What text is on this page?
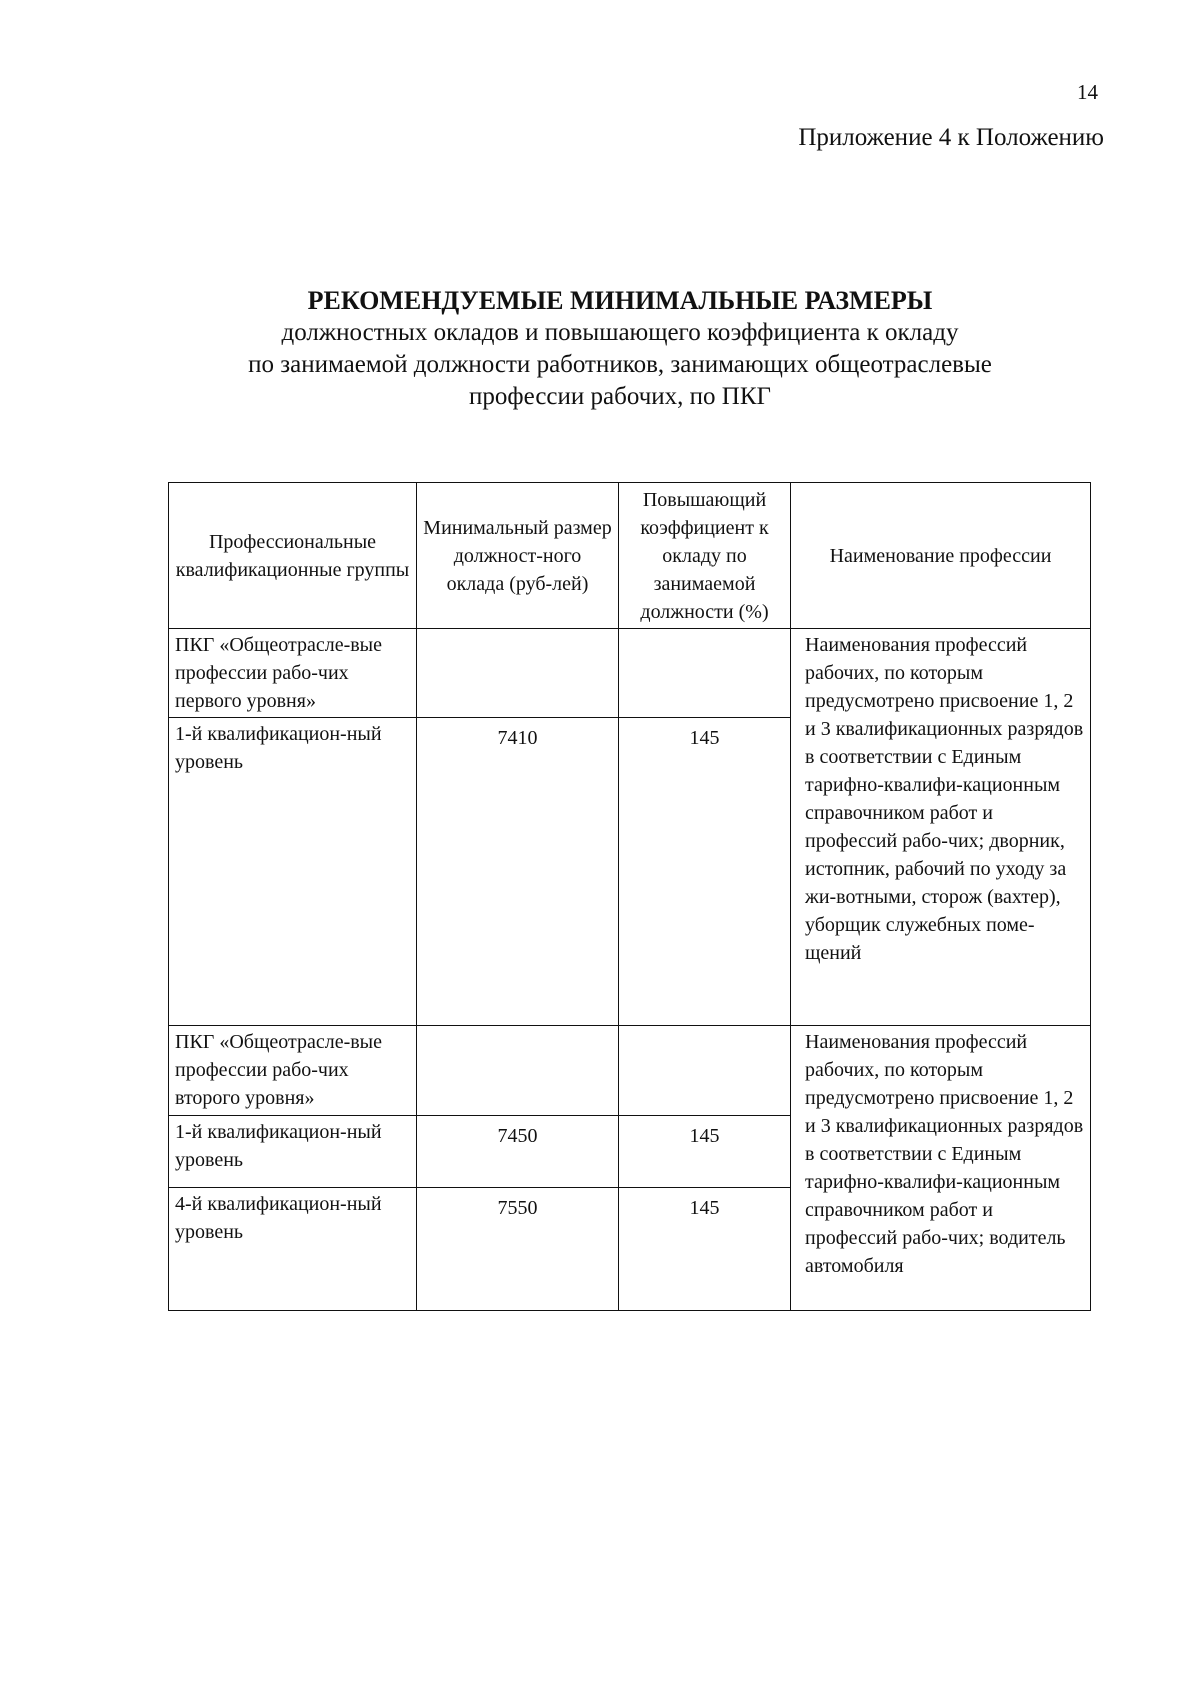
14
Приложение 4 к Положению
РЕКОМЕНДУЕМЫЕ МИНИМАЛЬНЫЕ РАЗМЕРЫ
должностных окладов и повышающего коэффициента к окладу
по занимаемой должности работников, занимающих общеотраслевые
профессии рабочих, по ПКГ
Профессиональные квалификационные группы	Минимальный размер должност-ного оклада (руб-лей)	Повышающий коэффициент к окладу по занимаемой должности (%)	Наименование профессии
ПКГ «Общеотрасле-вые профессии рабо-чих первого уровня»			Наименования профессий рабочих, по которым предусмотрено присвоение 1, 2 и 3 квалификационных разрядов в соответствии с Единым тарифно-квалифи-кационным справочником работ и профессий рабо-чих; дворник, истопник, рабочий по уходу за жи-вотными, сторож (вахтер), уборщик служебных поме-щений
1-й квалификацион-ный уровень	7410	145	
ПКГ «Общеотрасле-вые профессии рабо-чих второго уровня»			Наименования профессий рабочих, по которым предусмотрено присвоение 1, 2 и 3 квалификационных разрядов в соответствии с Единым тарифно-квалифи-кационным справочником работ и профессий рабо-чих; водитель автомобиля
1-й квалификацион-ный уровень	7450	145	
4-й квалификацион-ный уровень	7550	145	
